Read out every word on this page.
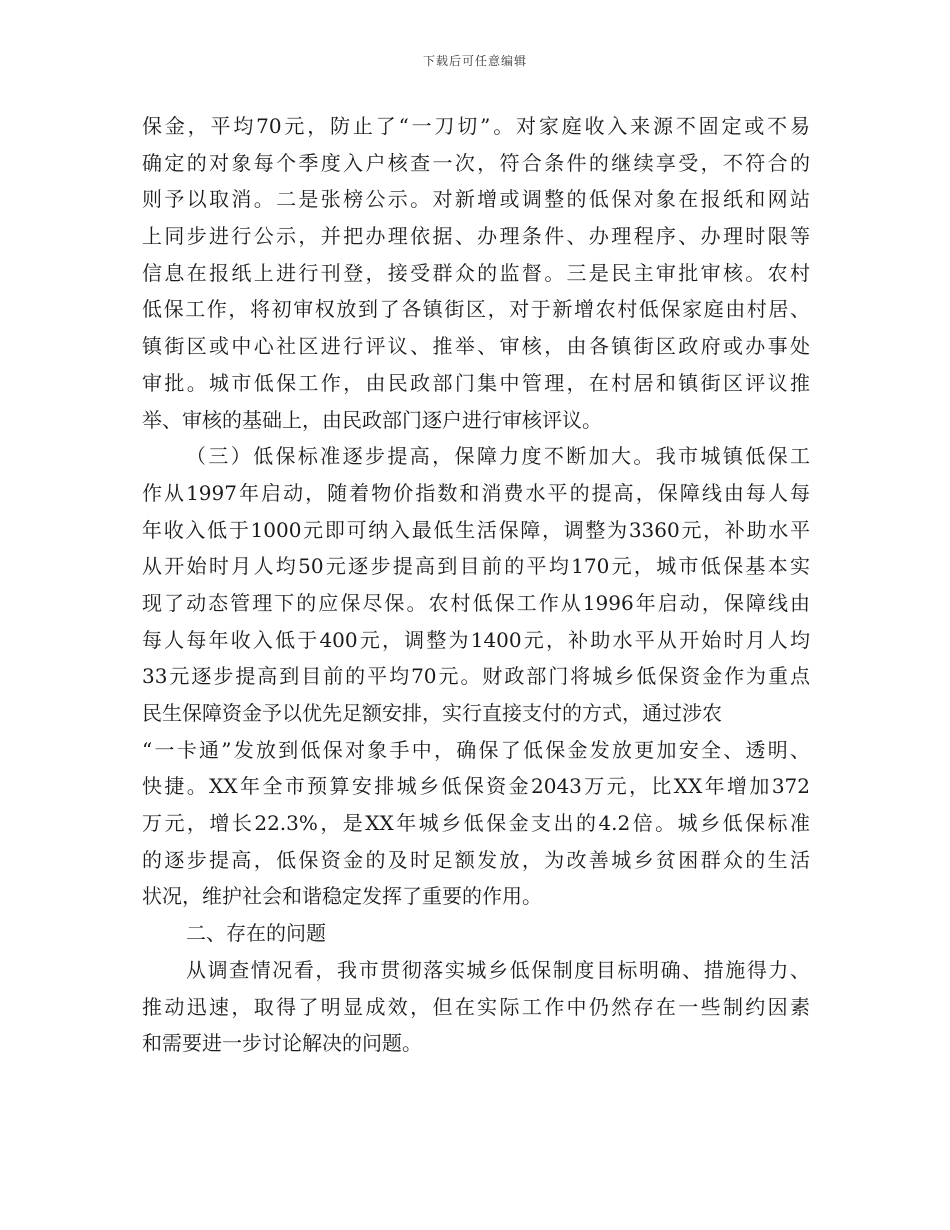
下载后可任意编辑
保金，平均70元，防止了“一刀切”。对家庭收入来源不固定或不易
确定的对象每个季度入户核查一次，符合条件的继续享受，不符合的
则予以取消。二是张榜公示。对新增或调整的低保对象在报纸和网站
上同步进行公示，并把办理依据、办理条件、办理程序、办理时限等
信息在报纸上进行刊登，接受群众的监督。三是民主审批审核。农村
低保工作，将初审权放到了各镇街区，对于新增农村低保家庭由村居、
镇街区或中心社区进行评议、推举、审核，由各镇街区政府或办事处
审批。城市低保工作，由民政部门集中管理，在村居和镇街区评议推
举、审核的基础上，由民政部门逐户进行审核评议。
（三）低保标准逐步提高，保障力度不断加大。我市城镇低保工
作从1997年启动，随着物价指数和消费水平的提高，保障线由每人每
年收入低于1000元即可纳入最低生活保障，调整为3360元，补助水平
从开始时月人均50元逐步提高到目前的平均170元，城市低保基本实
现了动态管理下的应保尽保。农村低保工作从1996年启动，保障线由
每人每年收入低于400元，调整为1400元，补助水平从开始时月人均
33元逐步提高到目前的平均70元。财政部门将城乡低保资金作为重点
民生保障资金予以优先足额安排，实行直接支付的方式，通过涉农
“一卡通”发放到低保对象手中，确保了低保金发放更加安全、透明、
快捷。XX年全市预算安排城乡低保资金2043万元，比XX年增加372
万元，增长22.3%，是XX年城乡低保金支出的4.2倍。城乡低保标准
的逐步提高，低保资金的及时足额发放，为改善城乡贫困群众的生活
状况，维护社会和谐稳定发挥了重要的作用。
二、存在的问题
从调查情况看，我市贯彻落实城乡低保制度目标明确、措施得力、
推动迅速，取得了明显成效，但在实际工作中仍然存在一些制约因素
和需要进一步讨论解决的问题。
